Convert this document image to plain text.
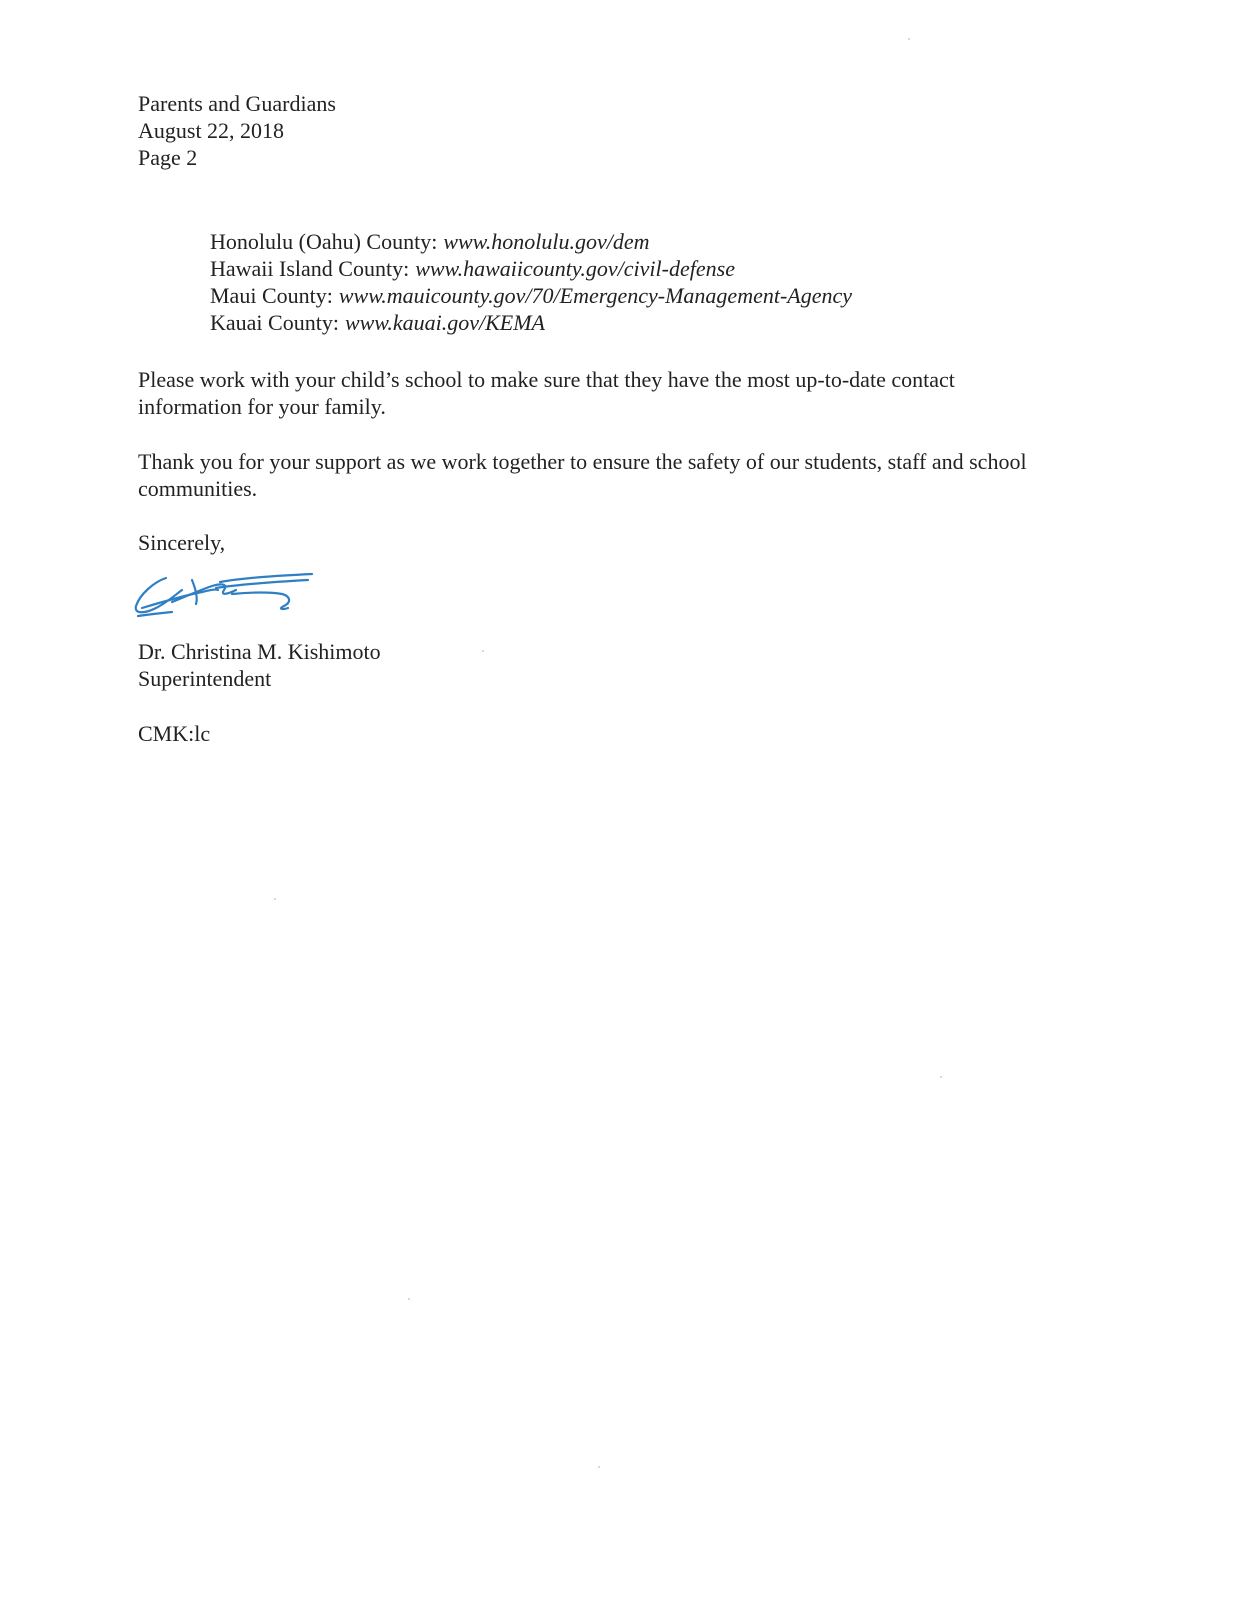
Parents and Guardians
August 22, 2018
Page 2
Honolulu (Oahu) County: www.honolulu.gov/dem
Hawaii Island County: www.hawaiicounty.gov/civil-defense
Maui County: www.mauicounty.gov/70/Emergency-Management-Agency
Kauai County: www.kauai.gov/KEMA
Please work with your child’s school to make sure that they have the most up-to-date contact information for your family.
Thank you for your support as we work together to ensure the safety of our students, staff and school communities.
Sincerely,
Dr. Christina M. Kishimoto
Superintendent
CMK:lc
